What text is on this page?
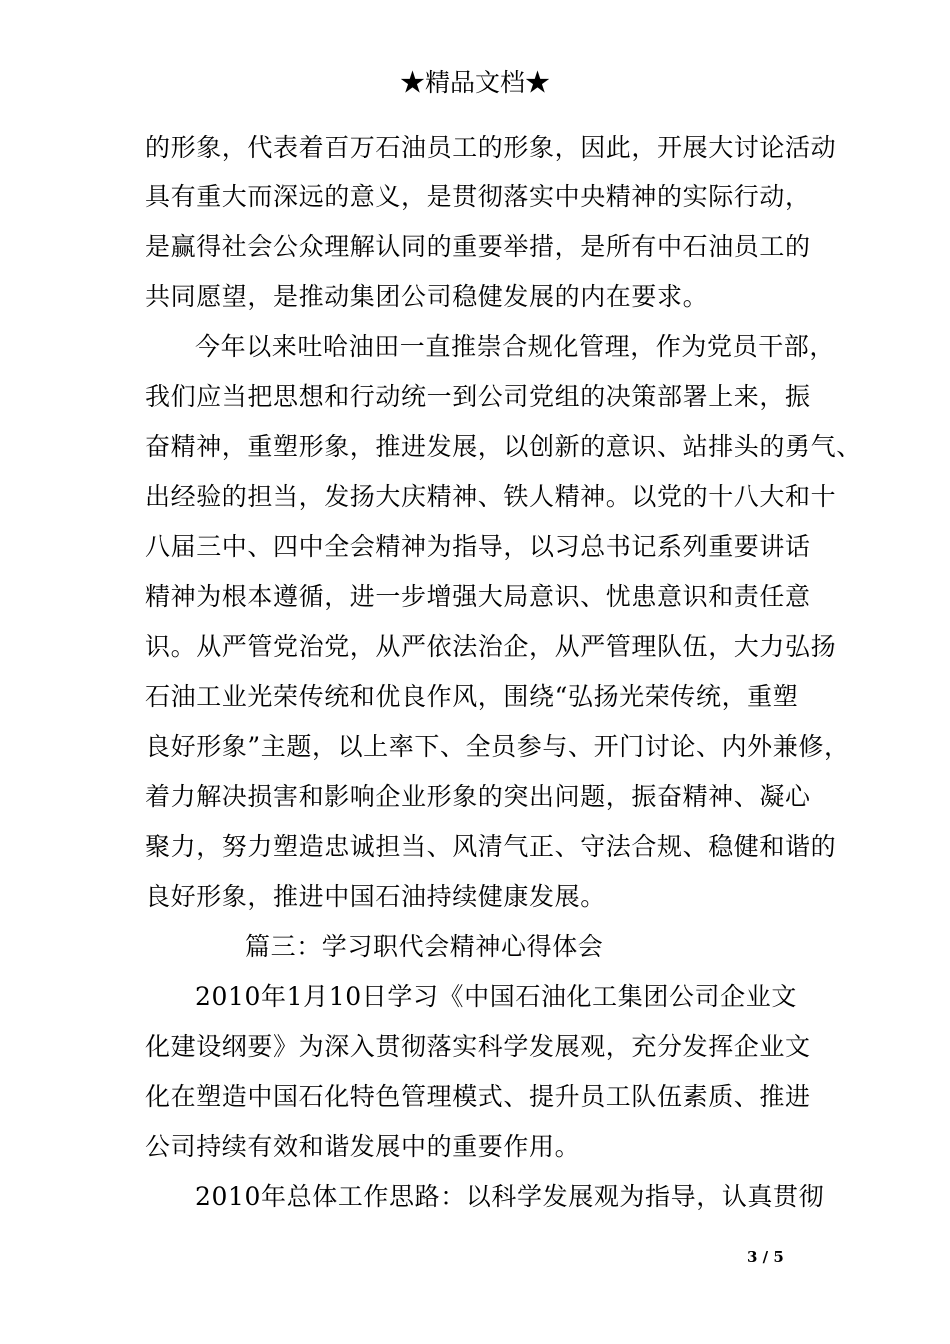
★精品文档★
的形象，代表着百万石油员工的形象，因此，开展大讨论活动
具有重大而深远的意义，是贯彻落实中央精神的实际行动，
是赢得社会公众理解认同的重要举措，是所有中石油员工的
共同愿望，是推动集团公司稳健发展的内在要求。
今年以来吐哈油田一直推崇合规化管理，作为党员干部，
我们应当把思想和行动统一到公司党组的决策部署上来，振
奋精神，重塑形象，推进发展，以创新的意识、站排头的勇气、
出经验的担当，发扬大庆精神、铁人精神。以党的十八大和十
八届三中、四中全会精神为指导，以习总书记系列重要讲话
精神为根本遵循，进一步增强大局意识、忧患意识和责任意
识。从严管党治党，从严依法治企，从严管理队伍，大力弘扬
石油工业光荣传统和优良作风，围绕“弘扬光荣传统，重塑
良好形象”主题，以上率下、全员参与、开门讨论、内外兼修，
着力解决损害和影响企业形象的突出问题，振奋精神、凝心
聚力，努力塑造忠诚担当、风清气正、守法合规、稳健和谐的
良好形象，推进中国石油持续健康发展。
篇三：学习职代会精神心得体会
2010年1月10日学习《中国石油化工集团公司企业文
化建设纲要》为深入贯彻落实科学发展观，充分发挥企业文
化在塑造中国石化特色管理模式、提升员工队伍素质、推进
公司持续有效和谐发展中的重要作用。
2010年总体工作思路：以科学发展观为指导，认真贯彻
3 / 5
